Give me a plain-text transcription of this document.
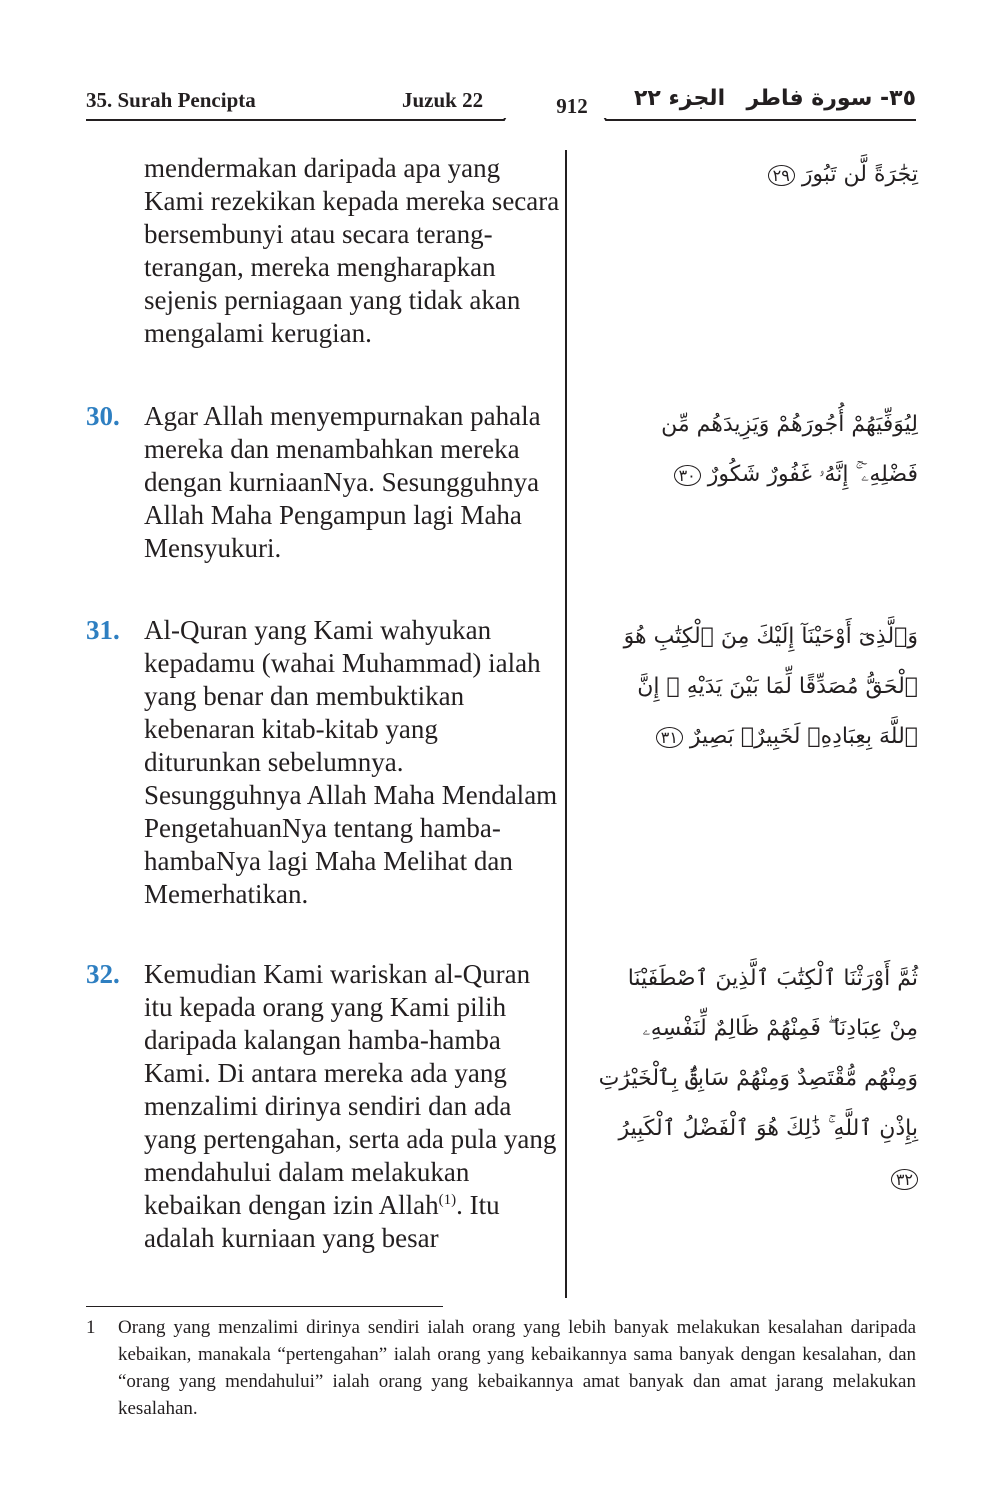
35. Surah Pencipta	Juzuk 22	912	الجزء ٢٢ ٣٥- سورة فاطر
mendermakan daripada apa yang Kami rezekikan kepada mereka secara bersembunyi atau secara terang-terangan, mereka mengharapkan sejenis perniagaan yang tidak akan mengalami kerugian.
تِجَٰرَةً لَّن تَبُورَ ٢٩
30. Agar Allah menyempurnakan pahala mereka dan menambahkan mereka dengan kurniaanNya. Sesungguhnya Allah Maha Pengampun lagi Maha Mensyukuri.
لِيُوَفِّيَهُمْ أُجُورَهُمْ وَيَزِيدَهُم مِّن فَضْلِهِۦٓ ۚ إِنَّهُۥ غَفُورٌ شَكُورٌ ٣٠
31. Al-Quran yang Kami wahyukan kepadamu (wahai Muhammad) ialah yang benar dan membuktikan kebenaran kitab-kitab yang diturunkan sebelumnya. Sesungguhnya Allah Maha Mendalam PengetahuanNya tentang hamba-hambaNya lagi Maha Melihat dan Memerhatikan.
وَٱلَّذِىٓ أَوْحَيْنَآ إِلَيْكَ مِنَ ٱلْكِتَٰبِ هُوَ ٱلْحَقُّ مُصَدِّقًا لِّمَا بَيْنَ يَدَيْهِ ۗ إِنَّ ٱللَّهَ بِعِبَادِهِۦ لَخَبِيرٌۢ بَصِيرٌ ٣١
32. Kemudian Kami wariskan al-Quran itu kepada orang yang Kami pilih daripada kalangan hamba-hamba Kami. Di antara mereka ada yang menzalimi dirinya sendiri dan ada yang pertengahan, serta ada pula yang mendahului dalam melakukan kebaikan dengan izin Allah$^{(1)}$. Itu adalah kurniaan yang besar
ثُمَّ أَوْرَثْنَا ٱلْكِتَٰبَ ٱلَّذِينَ ٱصْطَفَيْنَا مِنْ عِبَادِنَا ۖ فَمِنْهُمْ ظَالِمٌ لِّنَفْسِهِۦ وَمِنْهُم مُّقْتَصِدٌ وَمِنْهُمْ سَابِقٌۢ بِٱلْخَيْرَٰتِ بِإِذْنِ ٱللَّهِ ۚ ذَٰلِكَ هُوَ ٱلْفَضْلُ ٱلْكَبِيرُ ٣٢
1 Orang yang menzalimi dirinya sendiri ialah orang yang lebih banyak melakukan kesalahan daripada kebaikan, manakala “pertengahan” ialah orang yang kebaikannya sama banyak dengan kesalahan, dan “orang yang mendahului” ialah orang yang kebaikannya amat banyak dan amat jarang melakukan kesalahan.
